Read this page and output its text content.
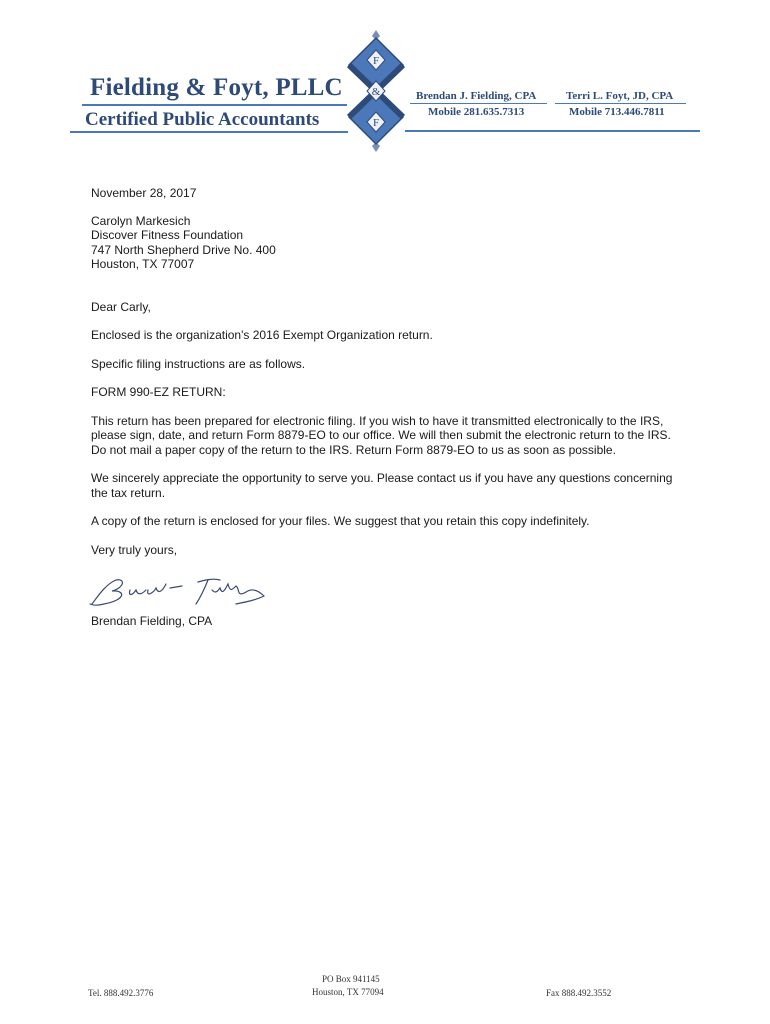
Fielding & Foyt, PLLC
Certified Public Accountants
F
&
F
Brendan J. Fielding, CPA
Mobile 281.635.7313
Terri L. Foyt, JD, CPA
Mobile 713.446.7811

November 28, 2017

Carolyn Markesich

Discover Fitness Foundation

747 North Shepherd Drive No. 400

Houston, TX 77007

Dear Carly,

Enclosed is the organization's 2016 Exempt Organization return.

Specific filing instructions are as follows.

FORM 990-EZ RETURN:

This return has been prepared for electronic filing. If you wish to have it transmitted electronically to the IRS, please sign, date, and return Form 8879-EO to our office. We will then submit the electronic return to the IRS. Do not mail a paper copy of the return to the IRS. Return Form 8879-EO to us as soon as possible.

We sincerely appreciate the opportunity to serve you. Please contact us if you have any questions concerning the tax return.

A copy of the return is enclosed for your files. We suggest that you retain this copy indefinitely.

Very truly yours,

Brendan Fielding, CPA
Tel. 888.492.3776
PO Box 941145
Houston, TX 77094	Fax 888.492.3552
